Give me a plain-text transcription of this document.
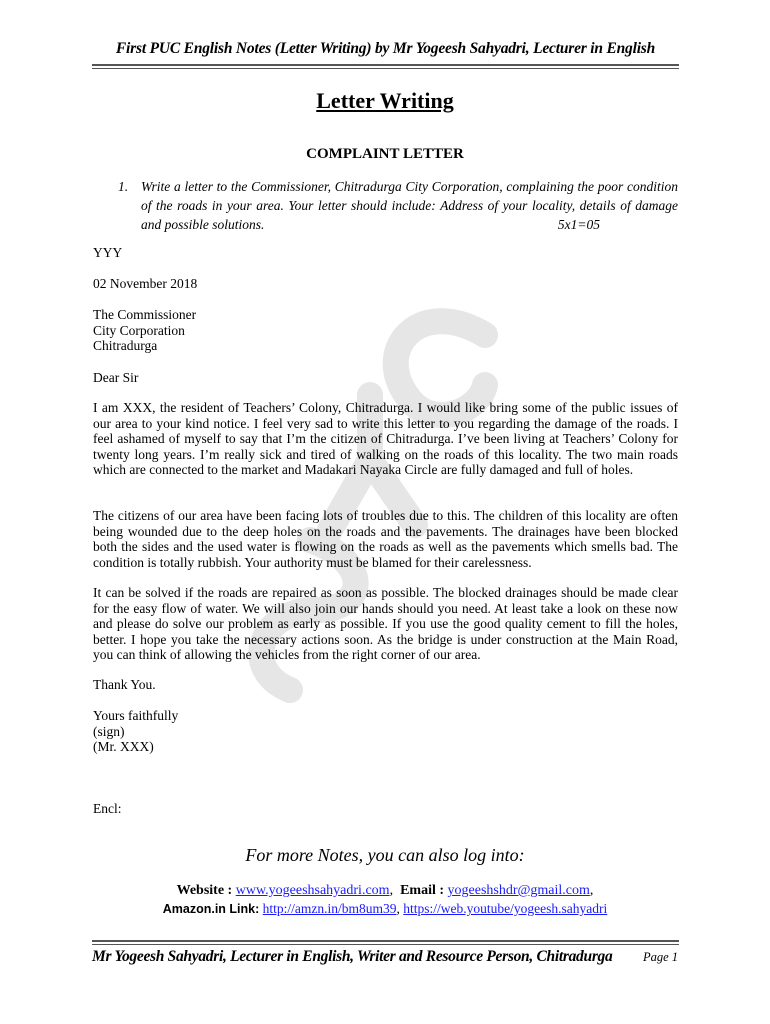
First PUC English Notes (Letter Writing) by Mr Yogeesh Sahyadri, Lecturer in English
Letter Writing
COMPLAINT LETTER
1. Write a letter to the Commissioner, Chitradurga City Corporation, complaining the poor condition of the roads in your area. Your letter should include: Address of your locality, details of damage and possible solutions.	5x1=05
YYY
02 November 2018
The Commissioner
City Corporation
Chitradurga
Dear Sir
I am XXX, the resident of Teachers’ Colony, Chitradurga. I would like bring some of the public issues of our area to your kind notice. I feel very sad to write this letter to you regarding the damage of the roads. I feel ashamed of myself to say that I’m the citizen of Chitradurga. I’ve been living at Teachers’ Colony for twenty long years. I’m really sick and tired of walking on the roads of this locality. The two main roads which are connected to the market and Madakari Nayaka Circle are fully damaged and full of holes.
The citizens of our area have been facing lots of troubles due to this. The children of this locality are often being wounded due to the deep holes on the roads and the pavements. The drainages have been blocked both the sides and the used water is flowing on the roads as well as the pavements which smells bad. The condition is totally rubbish. Your authority must be blamed for their carelessness.
It can be solved if the roads are repaired as soon as possible. The blocked drainages should be made clear for the easy flow of water. We will also join our hands should you need. At least take a look on these now and please do solve our problem as early as possible. If you use the good quality cement to fill the holes, better. I hope you take the necessary actions soon. As the bridge is under construction at the Main Road, you can think of allowing the vehicles from the right corner of our area.
Thank You.
Yours faithfully
(sign)
(Mr. XXX)
Encl:
For more Notes, you can also log into:
Website : www.yogeeshsahyadri.com,  Email : yogeeshshdr@gmail.com,
Amazon.in Link: http://amzn.in/bm8um39, https://web.youtube/yogeesh.sahyadri
Mr Yogeesh Sahyadri, Lecturer in English, Writer and Resource Person, Chitradurga	Page 1
